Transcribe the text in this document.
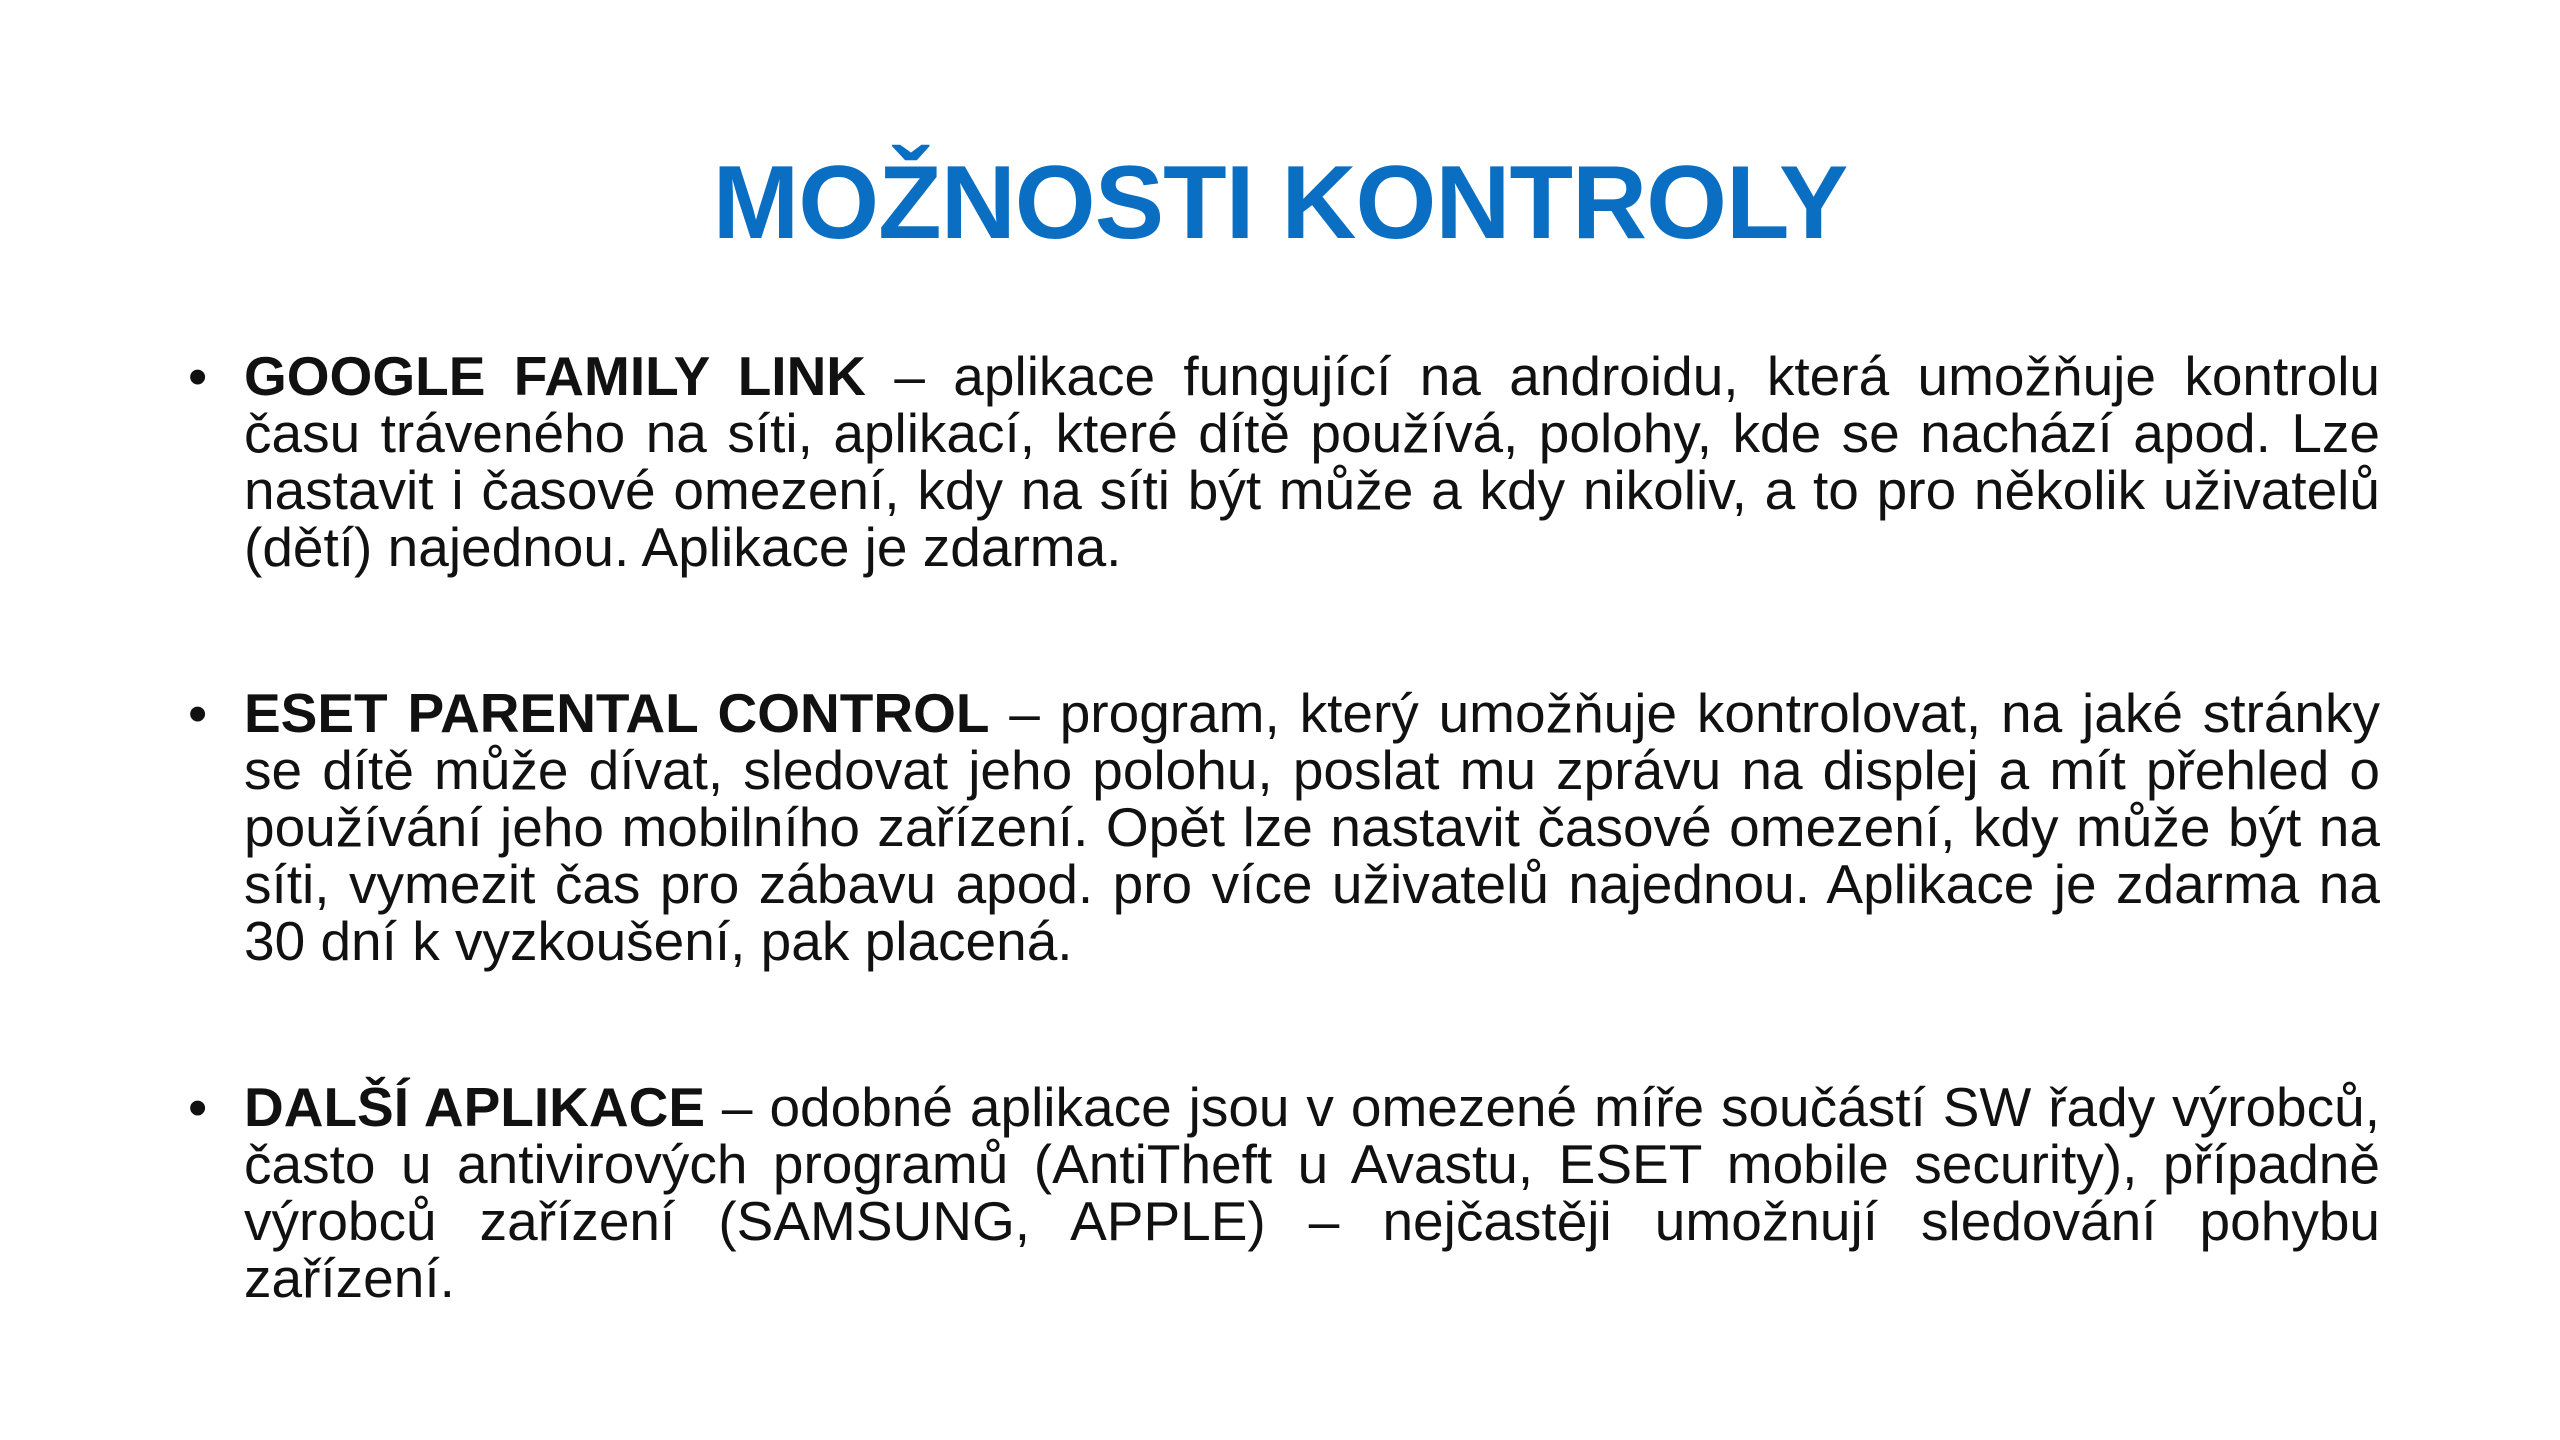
MOŽNOSTI KONTROLY
• GOOGLE FAMILY LINK – aplikace fungující na androidu, která umožňuje kontrolu času tráveného na síti, aplikací, které dítě používá, polohy, kde se nachází apod. Lze nastavit i časové omezení, kdy na síti být může a kdy nikoliv, a to pro několik uživatelů (dětí) najednou. Aplikace je zdarma.
• ESET PARENTAL CONTROL – program, který umožňuje kontrolovat, na jaké stránky se dítě může dívat, sledovat jeho polohu, poslat mu zprávu na displej a mít přehled o používání jeho mobilního zařízení. Opět lze nastavit časové omezení, kdy může být na síti, vymezit čas pro zábavu apod. pro více uživatelů najednou. Aplikace je zdarma na 30 dní k vyzkoušení, pak placená.
• DALŠÍ APLIKACE – odobné aplikace jsou v omezené míře součástí SW řady výrobců, často u antivirových programů (AntiTheft u Avastu, ESET mobile security), případně výrobců zařízení (SAMSUNG, APPLE) – nejčastěji umožnují sledování pohybu zařízení.
